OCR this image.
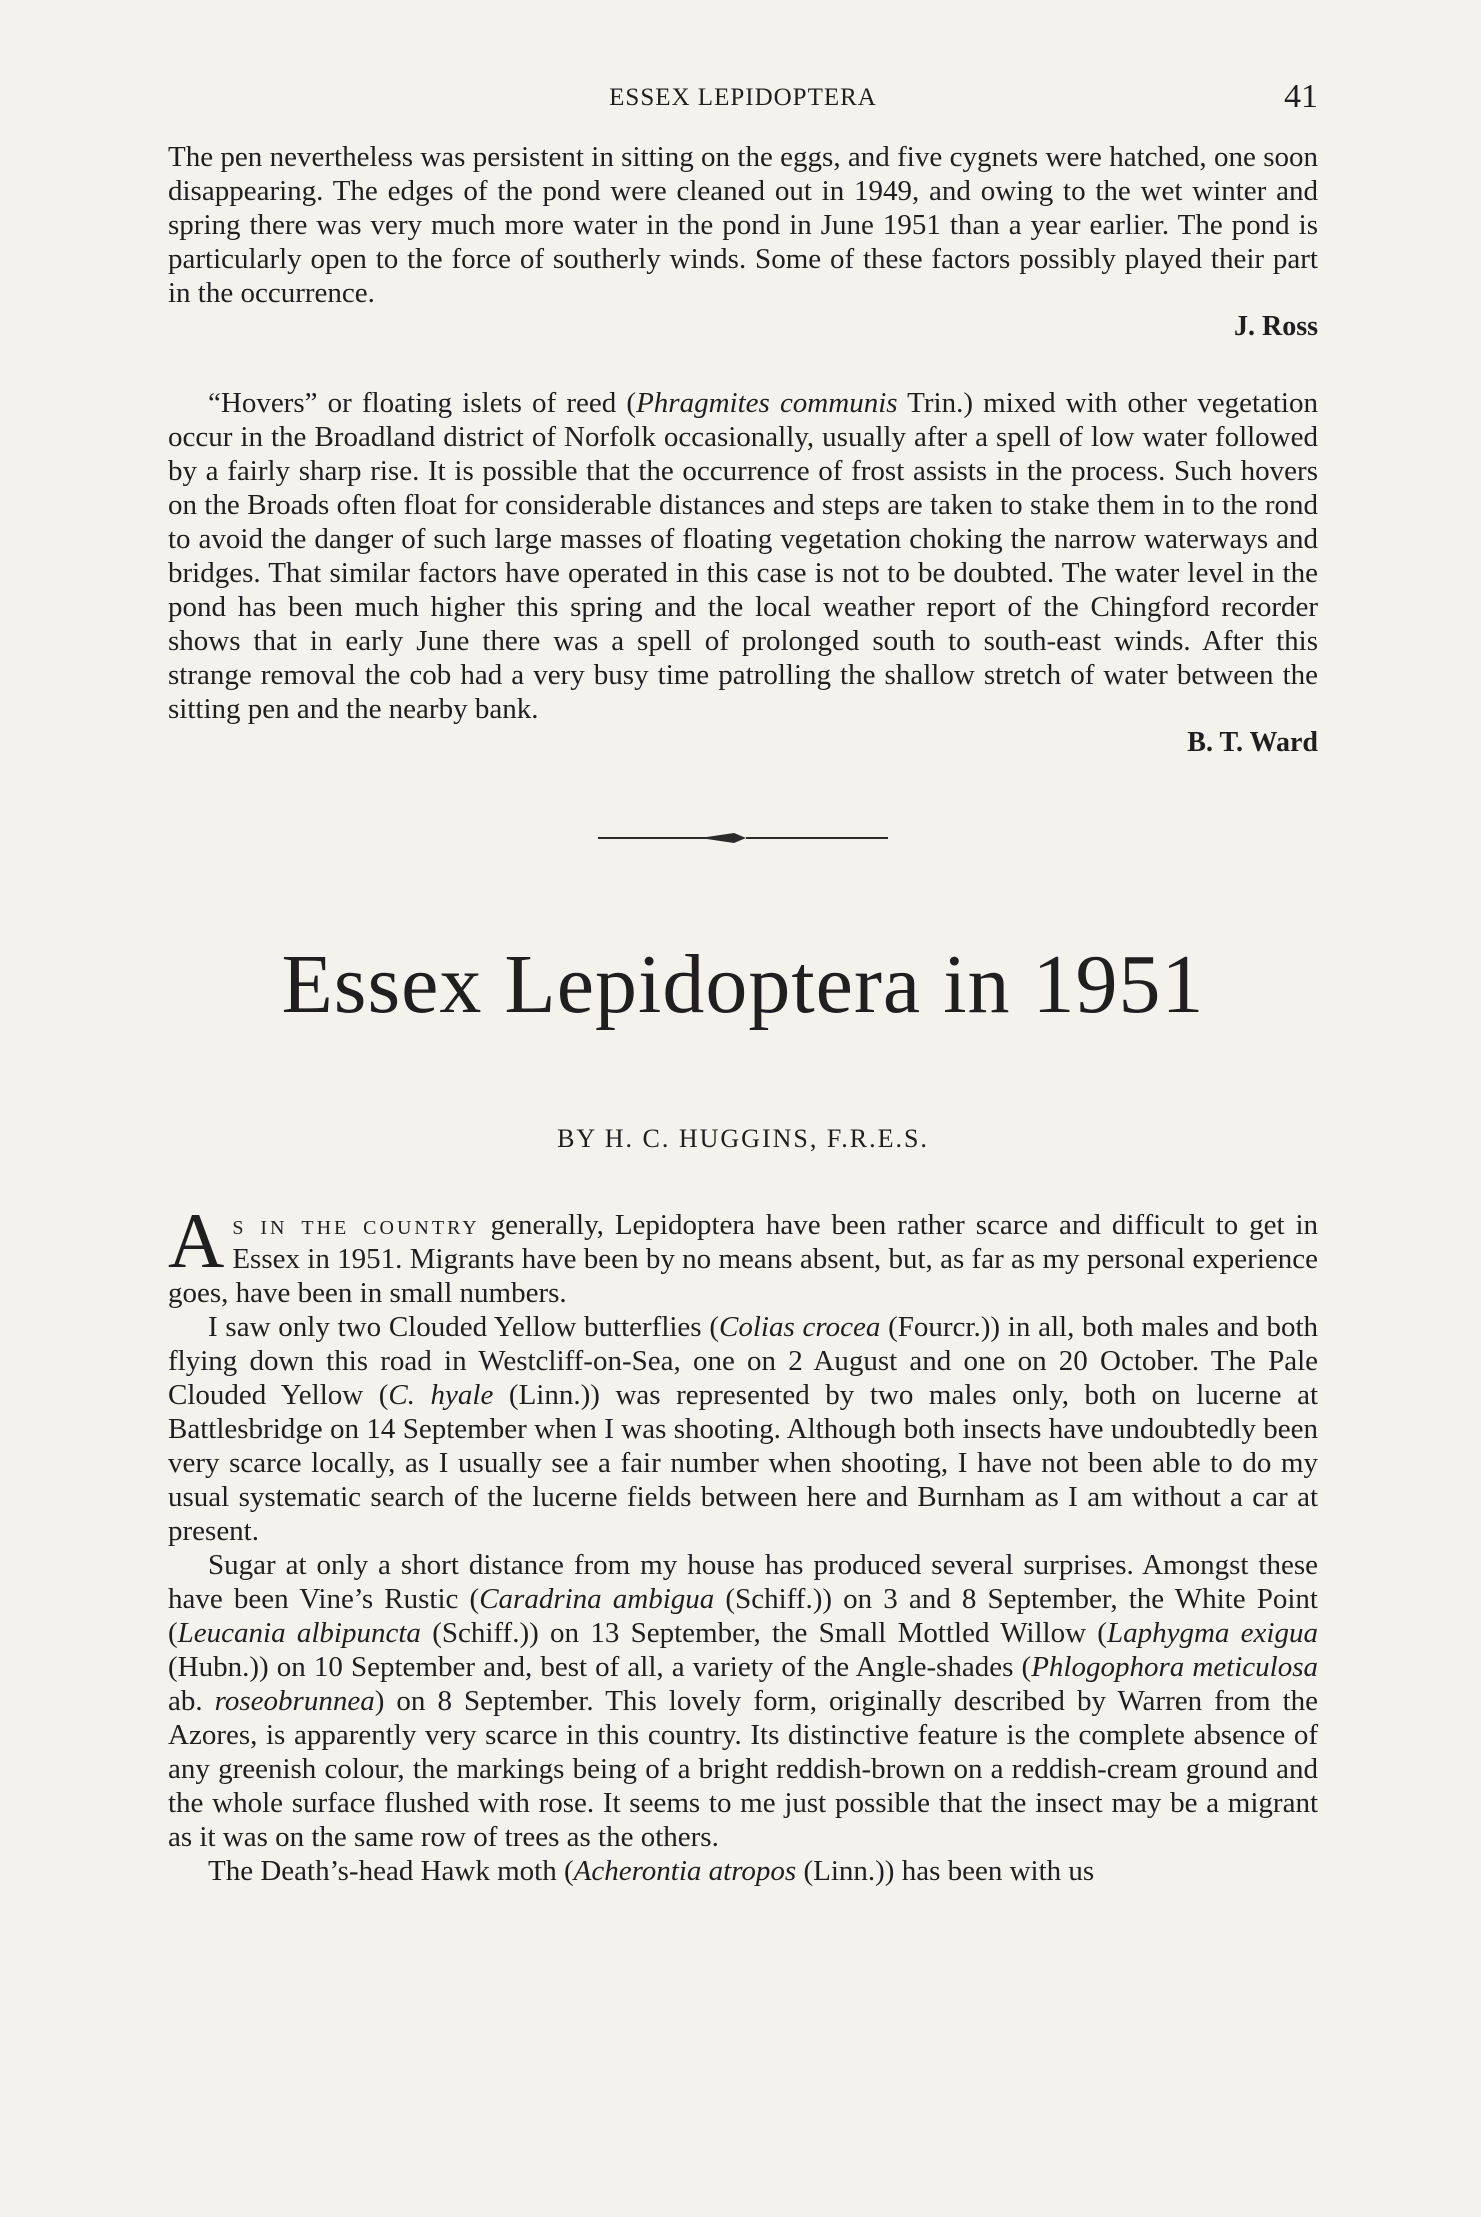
ESSEX LEPIDOPTERA	41

The pen nevertheless was persistent in sitting on the eggs, and five cygnets were hatched, one soon disappearing. The edges of the pond were cleaned out in 1949, and owing to the wet winter and spring there was very much more water in the pond in June 1951 than a year earlier. The pond is particularly open to the force of southerly winds. Some of these factors possibly played their part in the occurrence.

J. Ross

“Hovers” or floating islets of reed (Phragmites communis Trin.) mixed with other vegetation occur in the Broadland district of Norfolk occasionally, usually after a spell of low water followed by a fairly sharp rise. It is possible that the occurrence of frost assists in the process. Such hovers on the Broads often float for considerable distances and steps are taken to stake them in to the rond to avoid the danger of such large masses of floating vegetation choking the narrow waterways and bridges. That similar factors have operated in this case is not to be doubted. The water level in the pond has been much higher this spring and the local weather report of the Chingford recorder shows that in early June there was a spell of prolonged south to south-east winds. After this strange removal the cob had a very busy time patrolling the shallow stretch of water between the sitting pen and the nearby bank.

B. T. Ward
Essex Lepidoptera in 1951
BY H. C. HUGGINS, F.R.E.S.

As in the country generally, Lepidoptera have been rather scarce and difficult to get in Essex in 1951. Migrants have been by no means absent, but, as far as my personal experience goes, have been in small numbers.

I saw only two Clouded Yellow butterflies (Colias crocea (Fourcr.)) in all, both males and both flying down this road in Westcliff-on-Sea, one on 2 August and one on 20 October. The Pale Clouded Yellow (C. hyale (Linn.)) was represented by two males only, both on lucerne at Battlesbridge on 14 September when I was shooting. Although both insects have undoubtedly been very scarce locally, as I usually see a fair number when shooting, I have not been able to do my usual systematic search of the lucerne fields between here and Burnham as I am without a car at present.

Sugar at only a short distance from my house has produced several surprises. Amongst these have been Vine’s Rustic (Caradrina ambigua (Schiff.)) on 3 and 8 September, the White Point (Leucania albipuncta (Schiff.)) on 13 September, the Small Mottled Willow (Laphygma exigua (Hubn.)) on 10 September and, best of all, a variety of the Angle-shades (Phlogophora meticulosa ab. roseobrunnea) on 8 September. This lovely form, originally described by Warren from the Azores, is apparently very scarce in this country. Its distinctive feature is the complete absence of any greenish colour, the markings being of a bright reddish-brown on a reddish-cream ground and the whole surface flushed with rose. It seems to me just possible that the insect may be a migrant as it was on the same row of trees as the others.

The Death’s-head Hawk moth (Acherontia atropos (Linn.)) has been with us
